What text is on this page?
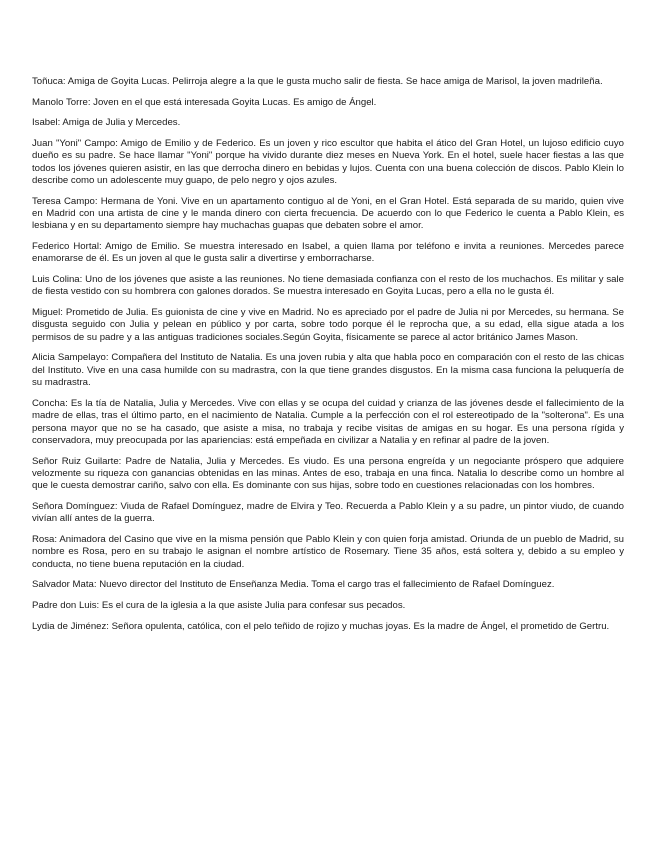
Toñuca: Amiga de Goyita Lucas. Pelirroja alegre a la que le gusta mucho salir de fiesta. Se hace amiga de Marisol, la joven madrileña.

Manolo Torre: Joven en el que está interesada Goyita Lucas. Es amigo de Ángel.

Isabel: Amiga de Julia y Mercedes.

Juan "Yoni" Campo: Amigo de Emilio y de Federico. Es un joven y rico escultor que habita el ático del Gran Hotel, un lujoso edificio cuyo dueño es su padre. Se hace llamar "Yoni" porque ha vivido durante diez meses en Nueva York. En el hotel, suele hacer fiestas a las que todos los jóvenes quieren asistir, en las que derrocha dinero en bebidas y lujos. Cuenta con una buena colección de discos. Pablo Klein lo describe como un adolescente muy guapo, de pelo negro y ojos azules.

Teresa Campo: Hermana de Yoni. Vive en un apartamento contiguo al de Yoni, en el Gran Hotel. Está separada de su marido, quien vive en Madrid con una artista de cine y le manda dinero con cierta frecuencia. De acuerdo con lo que Federico le cuenta a Pablo Klein, es lesbiana y en su departamento siempre hay muchachas guapas que debaten sobre el amor.

Federico Hortal: Amigo de Emilio. Se muestra interesado en Isabel, a quien llama por teléfono e invita a reuniones. Mercedes parece enamorarse de él. Es un joven al que le gusta salir a divertirse y emborracharse.

Luis Colina: Uno de los jóvenes que asiste a las reuniones. No tiene demasiada confianza con el resto de los muchachos. Es militar y sale de fiesta vestido con su hombrera con galones dorados. Se muestra interesado en Goyita Lucas, pero a ella no le gusta él.

Miguel: Prometido de Julia. Es guionista de cine y vive en Madrid. No es apreciado por el padre de Julia ni por Mercedes, su hermana. Se disgusta seguido con Julia y pelean en público y por carta, sobre todo porque él le reprocha que, a su edad, ella sigue atada a los permisos de su padre y a las antiguas tradiciones sociales.Según Goyita, físicamente se parece al actor británico James Mason.

Alicia Sampelayo: Compañera del Instituto de Natalia. Es una joven rubia y alta que habla poco en comparación con el resto de las chicas del Instituto. Vive en una casa humilde con su madrastra, con la que tiene grandes disgustos. En la misma casa funciona la peluquería de su madrastra.

Concha: Es la tía de Natalia, Julia y Mercedes. Vive con ellas y se ocupa del cuidad y crianza de las jóvenes desde el fallecimiento de la madre de ellas, tras el último parto, en el nacimiento de Natalia. Cumple a la perfección con el rol estereotipado de la "solterona". Es una persona mayor que no se ha casado, que asiste a misa, no trabaja y recibe visitas de amigas en su hogar. Es una persona rígida y conservadora, muy preocupada por las apariencias: está empeñada en civilizar a Natalia y en refinar al padre de la joven.

Señor Ruiz Guilarte: Padre de Natalia, Julia y Mercedes. Es viudo. Es una persona engreída y un negociante próspero que adquiere velozmente su riqueza con ganancias obtenidas en las minas. Antes de eso, trabaja en una finca. Natalia lo describe como un hombre al que le cuesta demostrar cariño, salvo con ella. Es dominante con sus hijas, sobre todo en cuestiones relacionadas con los hombres.

Señora Domínguez: Viuda de Rafael Domínguez, madre de Elvira y Teo. Recuerda a Pablo Klein y a su padre, un pintor viudo, de cuando vivían allí antes de la guerra.

Rosa: Animadora del Casino que vive en la misma pensión que Pablo Klein y con quien forja amistad. Oriunda de un pueblo de Madrid, su nombre es Rosa, pero en su trabajo le asignan el nombre artístico de Rosemary. Tiene 35 años, está soltera y, debido a su empleo y conducta, no tiene buena reputación en la ciudad.

Salvador Mata: Nuevo director del Instituto de Enseñanza Media. Toma el cargo tras el fallecimiento de Rafael Domínguez.

Padre don Luis: Es el cura de la iglesia a la que asiste Julia para confesar sus pecados.

Lydia de Jiménez: Señora opulenta, católica, con el pelo teñido de rojizo y muchas joyas. Es la madre de Ángel, el prometido de Gertru.
